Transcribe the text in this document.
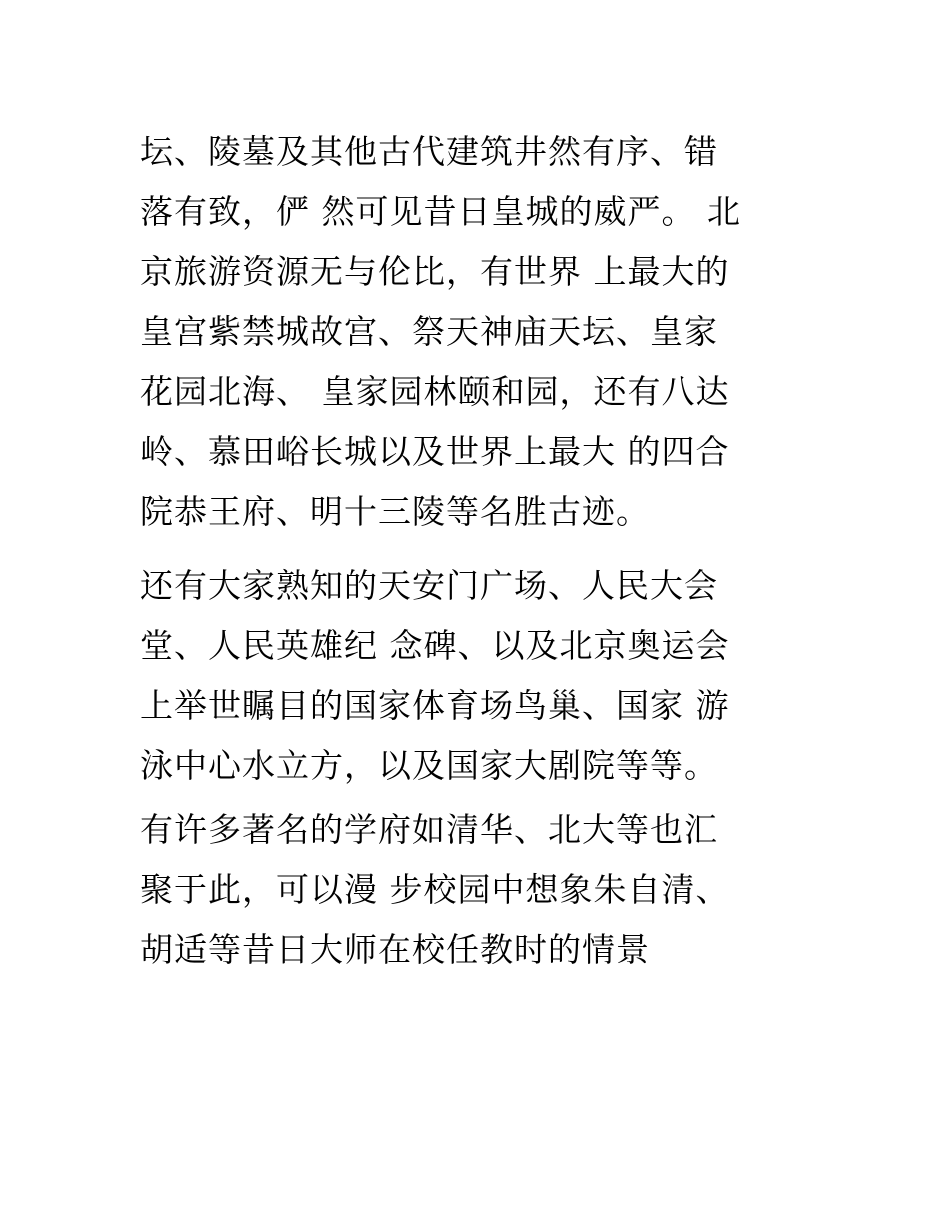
坛、陵墓及其他古代建筑井然有序、错
落有致，俨 然可见昔日皇城的威严。 北
京旅游资源无与伦比，有世界 上最大的
皇宫紫禁城故宫、祭天神庙天坛、皇家
花园北海、 皇家园林颐和园，还有八达
岭、慕田峪长城以及世界上最大 的四合
院恭王府、明十三陵等名胜古迹。
还有大家熟知的天安门广场、人民大会
堂、人民英雄纪 念碑、以及北京奥运会
上举世瞩目的国家体育场鸟巢、国家 游
泳中心水立方，以及国家大剧院等等。
有许多著名的学府如清华、北大等也汇
聚于此，可以漫 步校园中想象朱自清、
胡适等昔日大师在校任教时的情景
